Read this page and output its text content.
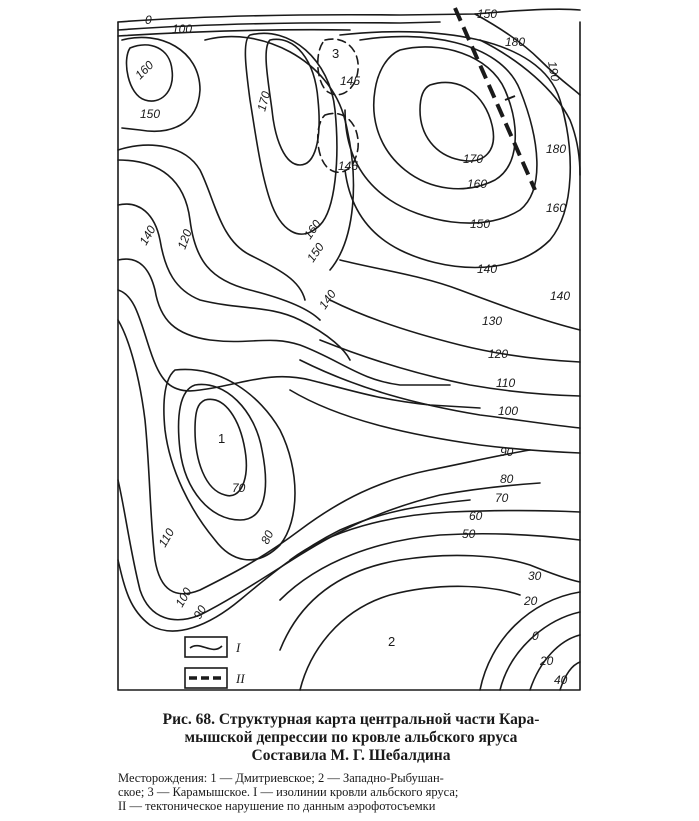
0
100
150
180
190
160
150
170
145
145	170
180
160
160
160	150
150
140 120
140
140
140
130
120
110
100
90
80
70
70
60
50
80
110
100
90
30
20
0
20
40
1
2
3
I
II
Рис. 68. Структурная карта центральной части Кара-
мышской депрессии по кровле альбского яруса
Составила М. Г. Шебалдина
Месторождения: 1 — Дмитриевское; 2 — Западно-Рыбушан-
ское; 3 — Карамышское. I — изолинии кровли альбского яруса;
II — тектоническое нарушение по данным аэрофотосъемки
